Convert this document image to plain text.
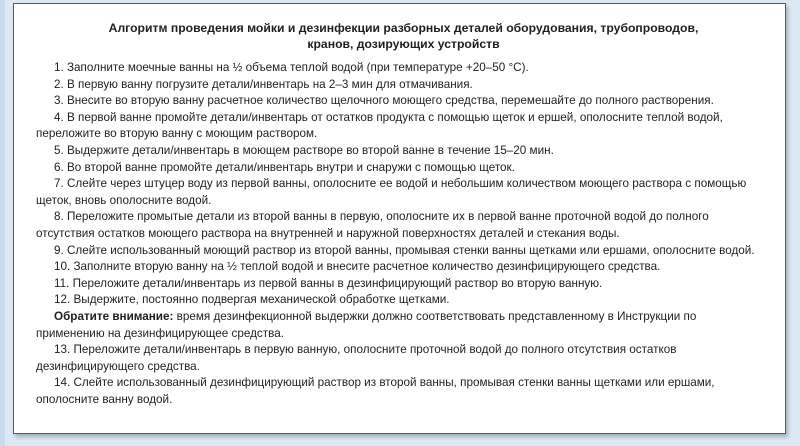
Алгоритм проведения мойки и дезинфекции разборных деталей оборудования, трубопроводов,
кранов, дозирующих устройств

1. Заполните моечные ванны на ½ объема теплой водой (при температуре +20–50 °С).

2. В первую ванну погрузите детали/инвентарь на 2–3 мин для отмачивания.

3. Внесите во вторую ванну расчетное количество щелочного моющего средства, перемешайте до полного растворения.

4. В первой ванне промойте детали/инвентарь от остатков продукта с помощью щеток и ершей, ополосните теплой водой, переложите во вторую ванну с моющим раствором.

5. Выдержите детали/инвентарь в моющем растворе во второй ванне в течение 15–20 мин.

6. Во второй ванне промойте детали/инвентарь внутри и снаружи с помощью щеток.

7. Слейте через штуцер воду из первой ванны, ополосните ее водой и небольшим количеством моющего раствора с помощью щеток, вновь ополосните водой.

8. Переложите промытые детали из второй ванны в первую, ополосните их в первой ванне проточной водой до полного отсутствия остатков моющего раствора на внутренней и наружной поверхностях деталей и стекания воды.

9. Слейте использованный моющий раствор из второй ванны, промывая стенки ванны щетками или ершами, ополосните водой.

10. Заполните вторую ванну на ½ теплой водой и внесите расчетное количество дезинфицирующего средства.

11. Переложите детали/инвентарь из первой ванны в дезинфицирующий раствор во вторую ванную.

12. Выдержите, постоянно подвергая механической обработке щетками.

Обратите внимание: время дезинфекционной выдержки должно соответствовать представленному в Инструкции по применению на дезинфицирующее средства.

13. Переложите детали/инвентарь в первую ванную, ополосните проточной водой до полного отсутствия остатков дезинфицирующего средства.

14. Слейте использованный дезинфицирующий раствор из второй ванны, промывая стенки ванны щетками или ершами, ополосните ванну водой.
